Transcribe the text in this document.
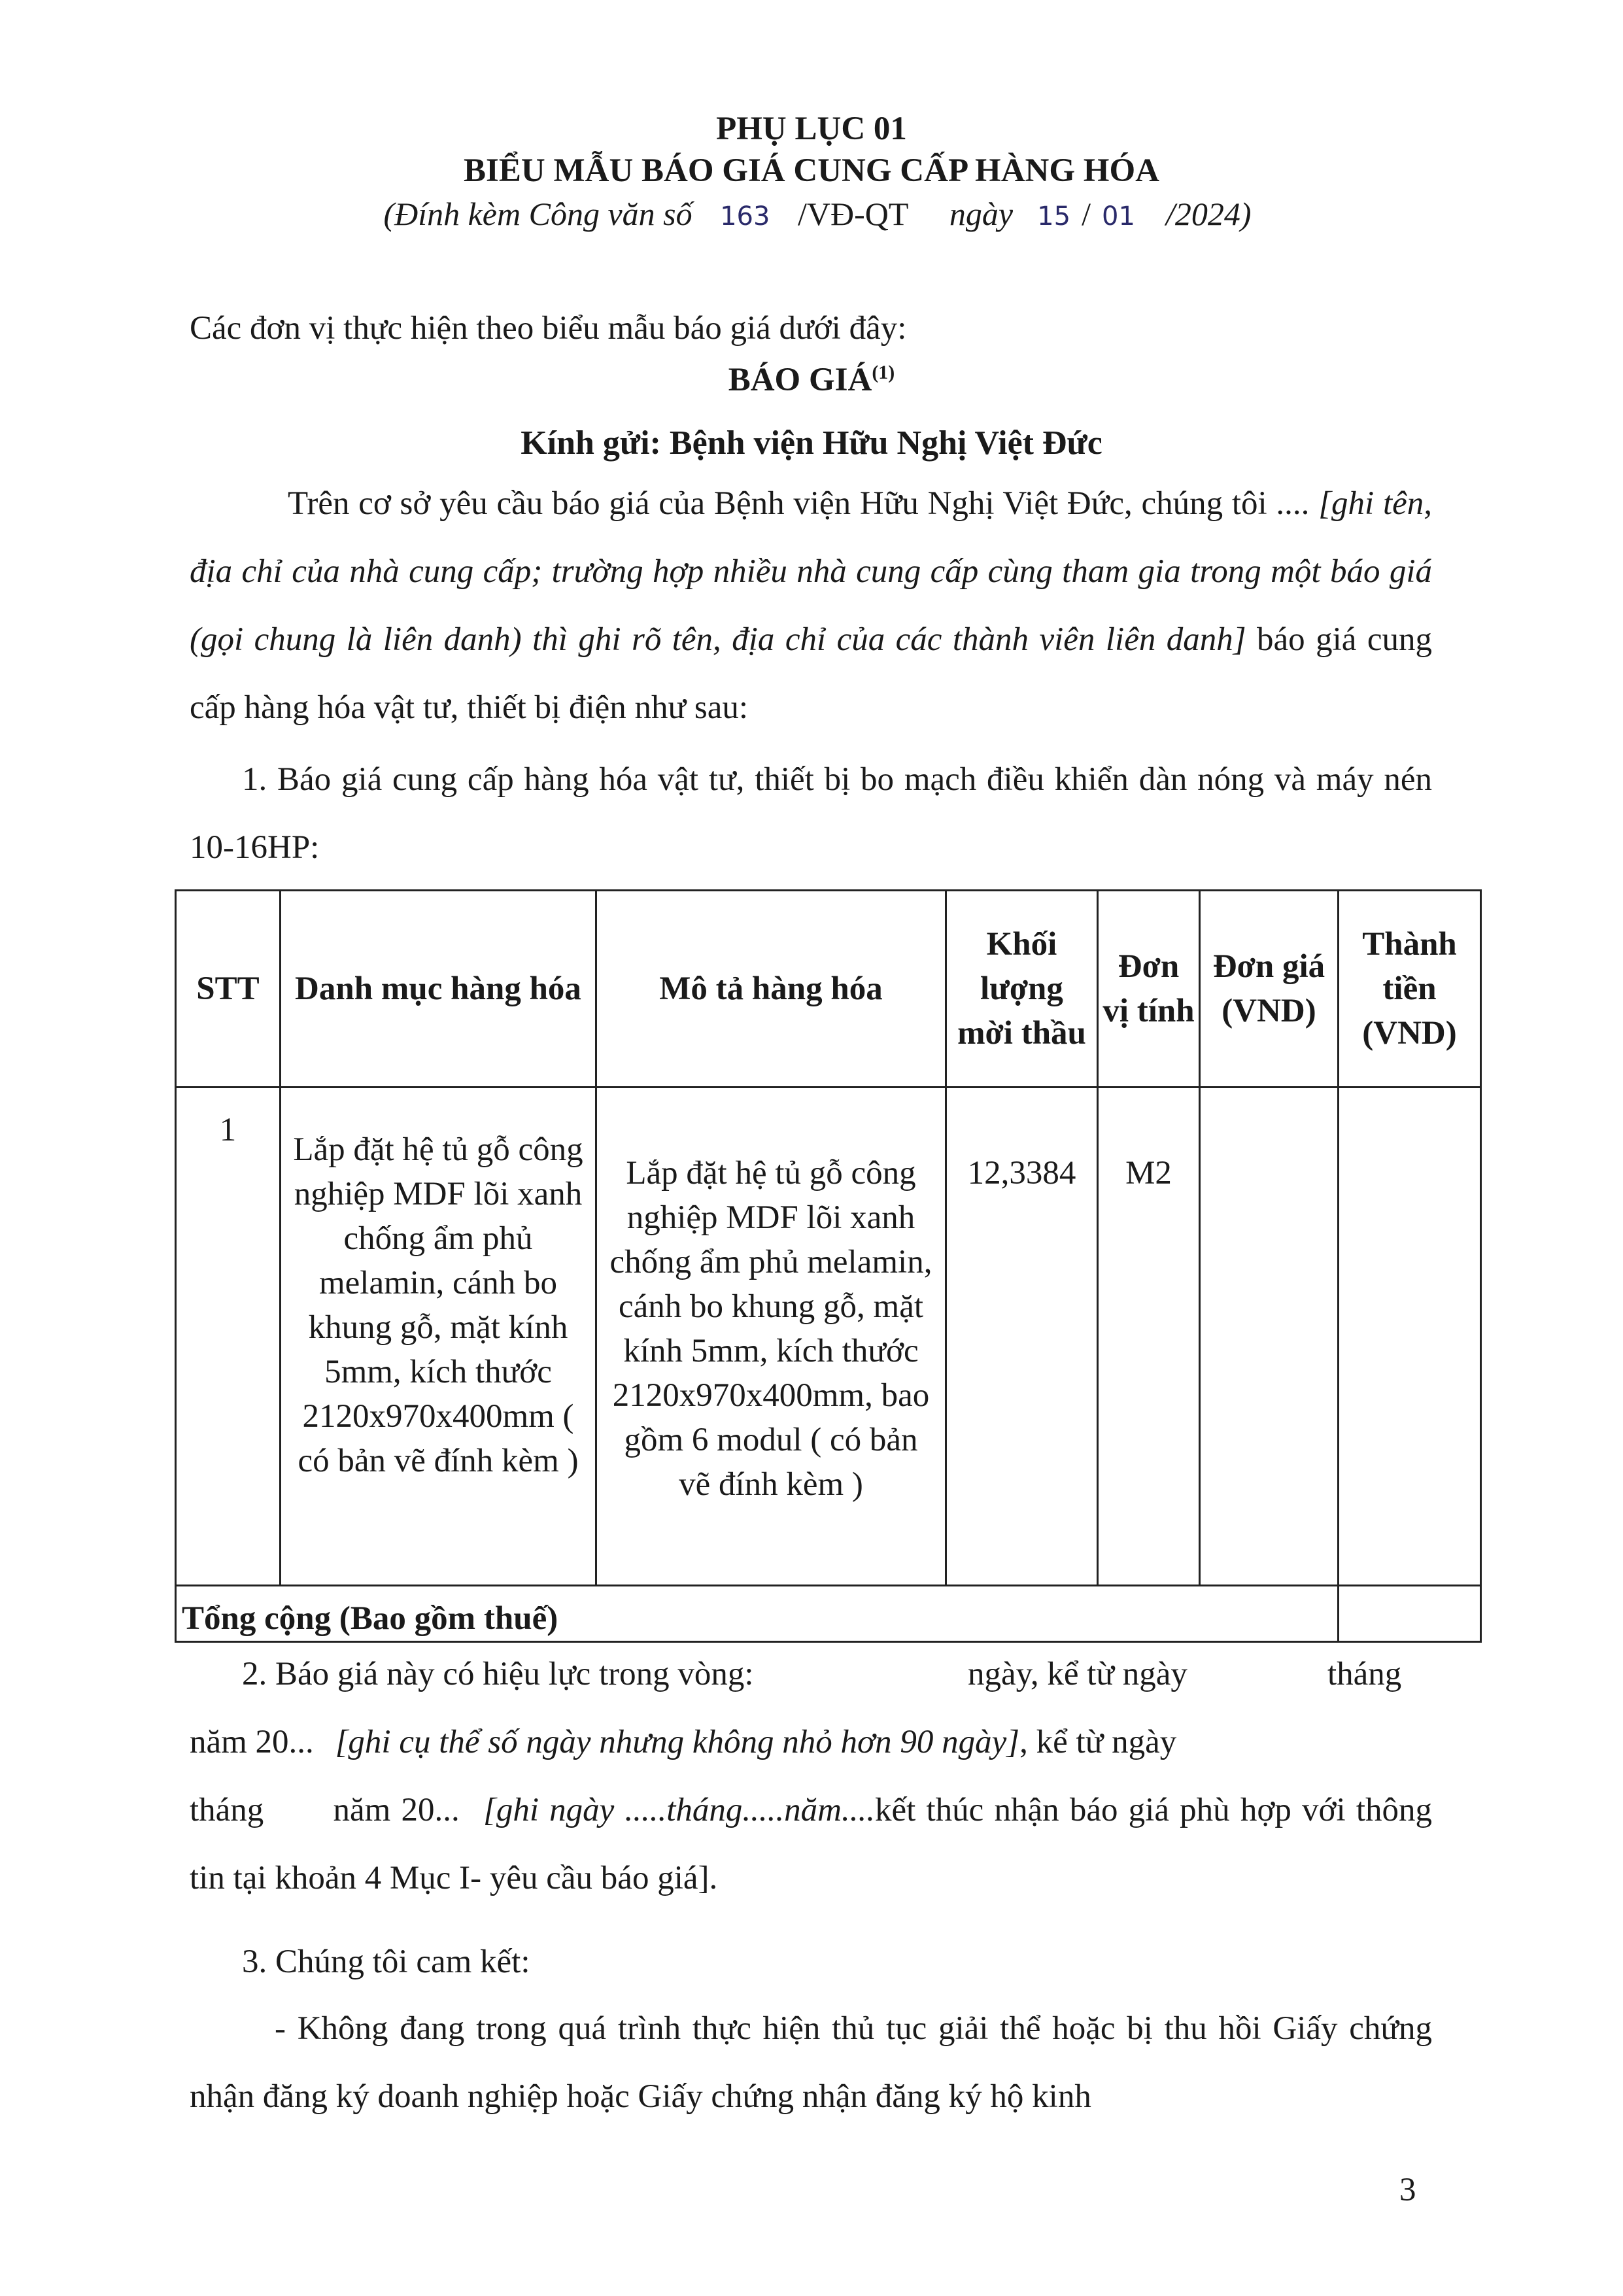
PHỤ LỤC 01
BIỂU MẪU BÁO GIÁ CUNG CẤP HÀNG HÓA
(Đính kèm Công văn số 163 /VĐ-QT ngày 15 / 01 /2024)
Các đơn vị thực hiện theo biểu mẫu báo giá dưới đây:
BÁO GIÁ$^{(1)}$
Kính gửi: Bệnh viện Hữu Nghị Việt Đức
Trên cơ sở yêu cầu báo giá của Bệnh viện Hữu Nghị Việt Đức, chúng tôi .... [ghi tên, địa chỉ của nhà cung cấp; trường hợp nhiều nhà cung cấp cùng tham gia trong một báo giá (gọi chung là liên danh) thì ghi rõ tên, địa chỉ của các thành viên liên danh] báo giá cung cấp hàng hóa vật tư, thiết bị điện như sau:
1. Báo giá cung cấp hàng hóa vật tư, thiết bị bo mạch điều khiển dàn nóng và máy nén 10-16HP:
STT	Danh mục hàng hóa	Mô tả hàng hóa	Khối lượng mời thầu	Đơn vị tính	Đơn giá (VND)	Thành tiền (VND)
1	Lắp đặt hệ tủ gỗ công nghiệp MDF lõi xanh chống ẩm phủ melamin, cánh bo khung gỗ, mặt kính 5mm, kích thước 2120x970x400mm ( có bản vẽ đính kèm )	Lắp đặt hệ tủ gỗ công nghiệp MDF lõi xanh chống ẩm phủ melamin, cánh bo khung gỗ, mặt kính 5mm, kích thước 2120x970x400mm, bao gồm 6 modul ( có bản vẽ đính kèm )	12,3384	M2		
Tổng cộng (Bao gồm thuế)						
2. Báo giá này có hiệu lực trong vòng:	ngày, kể từ ngày	tháng
năm 20... [ghi cụ thể số ngày nhưng không nhỏ hơn 90 ngày], kể từ ngày
tháng năm 20... [ghi ngày .....tháng.....năm....kết thúc nhận báo giá phù hợp với thông tin tại khoản 4 Mục I- yêu cầu báo giá].
3. Chúng tôi cam kết:
- Không đang trong quá trình thực hiện thủ tục giải thể hoặc bị thu hồi Giấy chứng nhận đăng ký doanh nghiệp hoặc Giấy chứng nhận đăng ký hộ kinh
3
